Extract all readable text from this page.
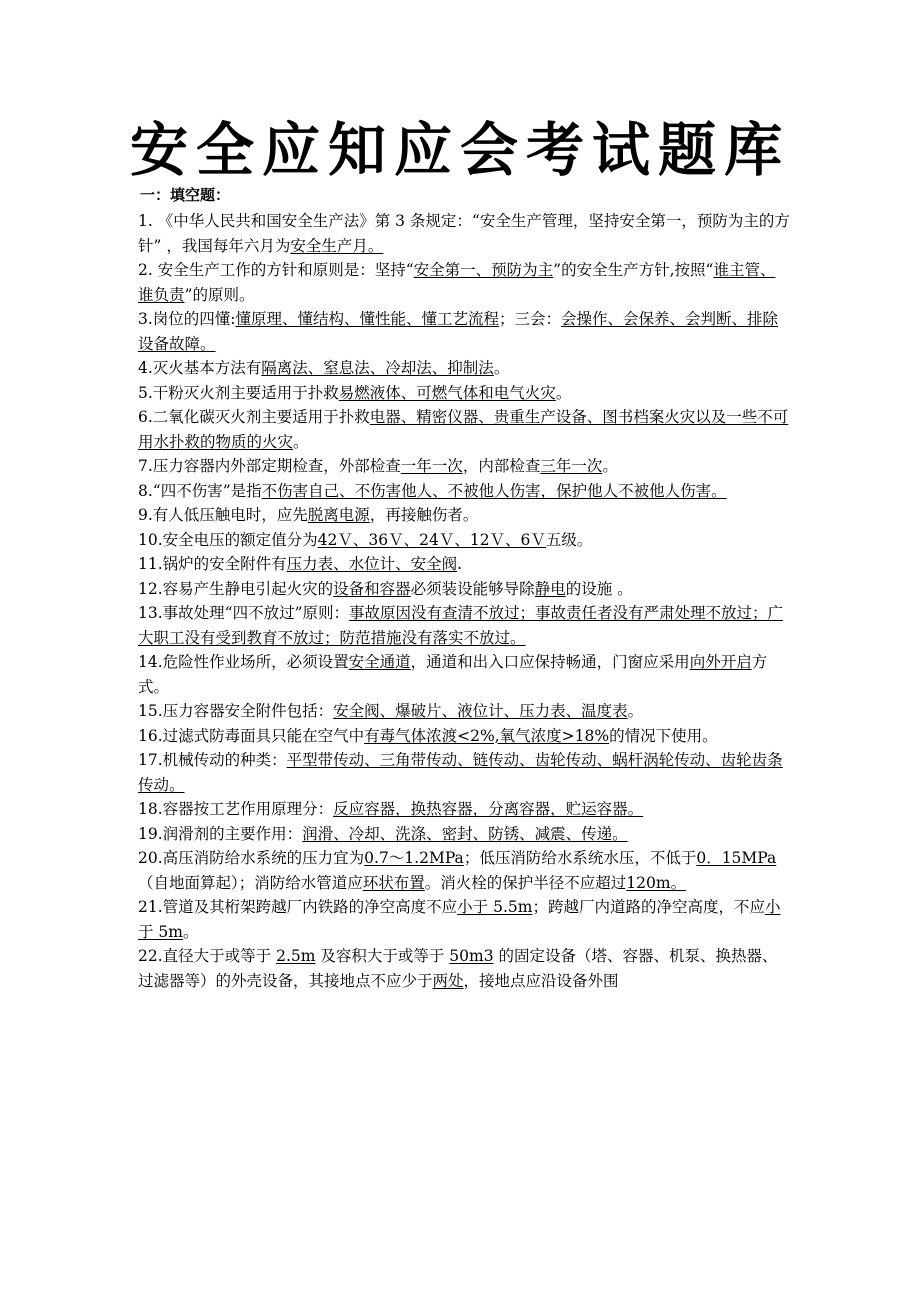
安全应知应会考试题库
一：填空题：

1. 《中华人民共和国安全生产法》第 3 条规定：“安全生产管理，坚持安全第一，预防为主的方针” ，我国每年六月为安全生产月。

2. 安全生产工作的方针和原则是：坚持“安全第一、预防为主”的安全生产方针,按照“谁主管、谁负责”的原则。

3.岗位的四懂:懂原理、懂结构、懂性能、懂工艺流程；三会：会操作、会保养、会判断、排除设备故障。

4.灭火基本方法有隔离法、窒息法、冷却法、抑制法。

5.干粉灭火剂主要适用于扑救易燃液体、可燃气体和电气火灾。

6.二氧化碳灭火剂主要适用于扑救电器、精密仪器、贵重生产设备、图书档案火灾以及一些不可用水扑救的物质的火灾。

7.压力容器内外部定期检查，外部检查一年一次，内部检查三年一次。

8.“四不伤害”是指不伤害自己、不伤害他人、不被他人伤害，保护他人不被他人伤害。

9.有人低压触电时，应先脱离电源，再接触伤者。

10.安全电压的额定值分为42Ｖ、36Ｖ、24Ｖ、12Ｖ、6Ｖ五级。

11.锅炉的安全附件有压力表、水位计、安全阀.

12.容易产生静电引起火灾的设备和容器必须装设能够导除静电的设施 。

13.事故处理“四不放过”原则：事故原因没有查清不放过；事故责任者没有严肃处理不放过；广大职工没有受到教育不放过；防范措施没有落实不放过。

14.危险性作业场所，必须设置安全通道，通道和出入口应保持畅通，门窗应采用向外开启方式。

15.压力容器安全附件包括：安全阀、爆破片、液位计、压力表、温度表。

16.过滤式防毒面具只能在空气中有毒气体浓渡<2%,氧气浓度>18%的情况下使用。

17.机械传动的种类：平型带传动、三角带传动、链传动、齿轮传动、蜗杆涡轮传动、齿轮齿条传动。

18.容器按工艺作用原理分：反应容器，换热容器，分离容器，贮运容器。

19.润滑剂的主要作用：润滑、冷却、洗涤、密封、防锈、减震、传递。

20.高压消防给水系统的压力宜为0.7～1.2MPa；低压消防给水系统水压，不低于0．15MPa（自地面算起）；消防给水管道应环状布置。消火栓的保护半径不应超过120m。

21.管道及其桁架跨越厂内铁路的净空高度不应小于 5.5m；跨越厂内道路的净空高度，不应小于 5m。

22.直径大于或等于 2.5m 及容积大于或等于 50m3 的固定设备（塔、容器、机泵、换热器、过滤器等）的外壳设备，其接地点不应少于两处，接地点应沿设备外围
